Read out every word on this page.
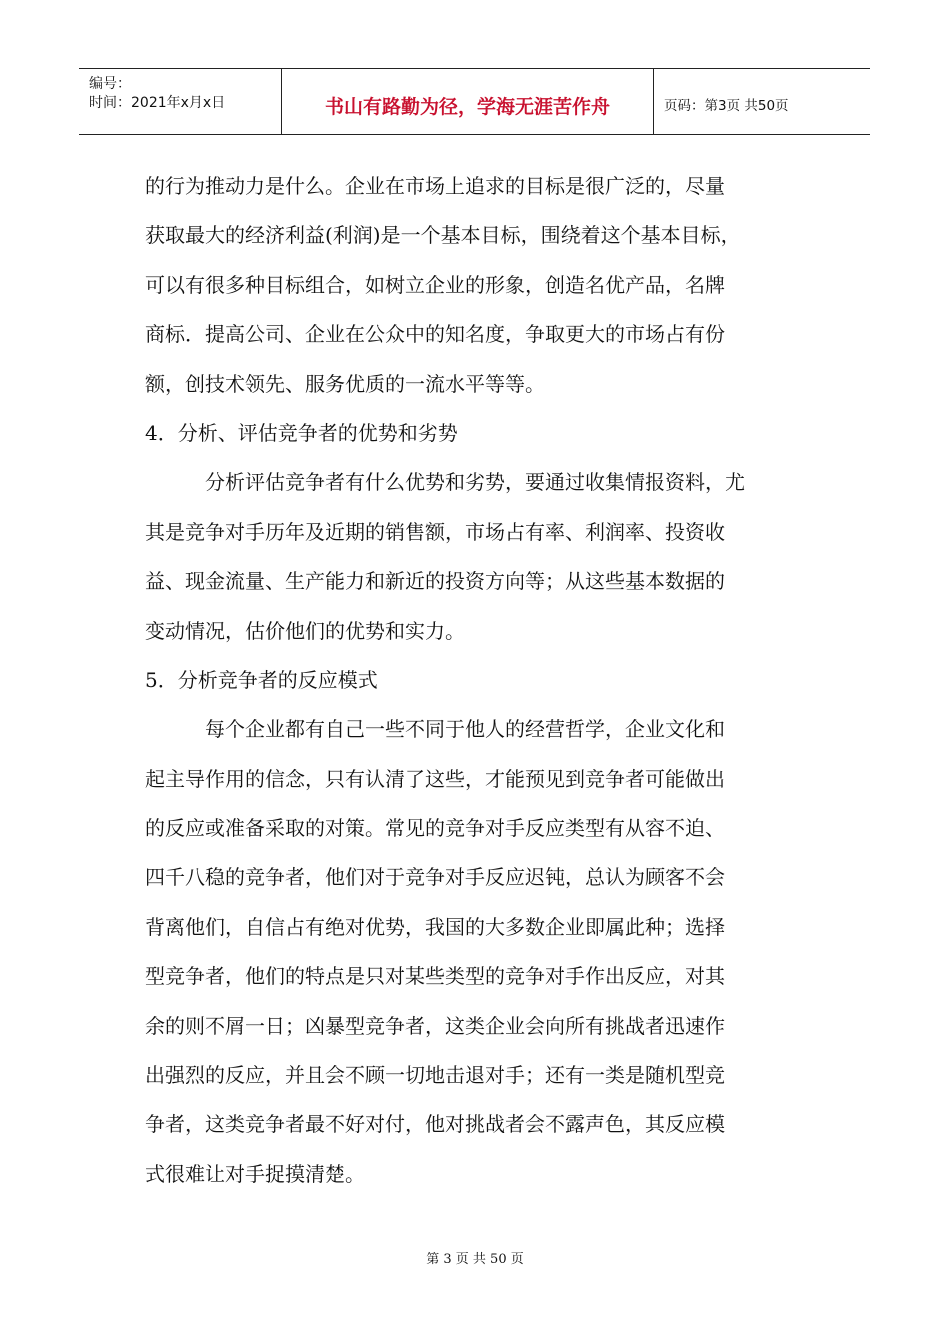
编号：
时间：2021年x月x日	书山有路勤为径，学海无涯苦作舟	页码：第3页 共50页
的行为推动力是什么。企业在市场上追求的目标是很广泛的，尽量
获取最大的经济利益(利润)是一个基本目标，围绕着这个基本目标，
可以有很多种目标组合，如树立企业的形象，创造名优产品，名牌
商标．提高公司、企业在公众中的知名度，争取更大的市场占有份
额，创技术领先、服务优质的一流水平等等。
4．分析、评估竞争者的优势和劣势
分析评估竞争者有什么优势和劣势，要通过收集情报资料，尤
其是竞争对手历年及近期的销售额，市场占有率、利润率、投资收
益、现金流量、生产能力和新近的投资方向等；从这些基本数据的
变动情况，估价他们的优势和实力。
5．分析竞争者的反应模式
每个企业都有自己一些不同于他人的经营哲学，企业文化和
起主导作用的信念，只有认清了这些，才能预见到竞争者可能做出
的反应或准备采取的对策。常见的竞争对手反应类型有从容不迫、
四千八稳的竞争者，他们对于竞争对手反应迟钝，总认为顾客不会
背离他们，自信占有绝对优势，我国的大多数企业即属此种；选择
型竞争者，他们的特点是只对某些类型的竞争对手作出反应，对其
余的则不屑一日；凶暴型竞争者，这类企业会向所有挑战者迅速作
出强烈的反应，并且会不顾一切地击退对手；还有一类是随机型竞
争者，这类竞争者最不好对付，他对挑战者会不露声色，其反应模
式很难让对手捉摸清楚。
第 3 页 共 50 页
